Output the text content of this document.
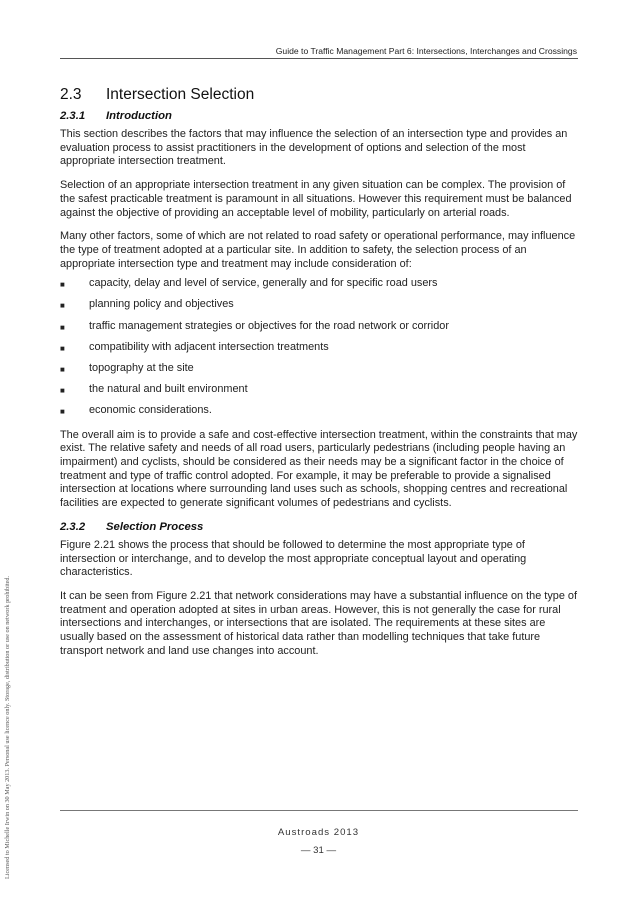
Guide to Traffic Management Part 6: Intersections, Interchanges and Crossings
2.3	Intersection Selection
2.3.1	Introduction

This section describes the factors that may influence the selection of an intersection type and provides an evaluation process to assist practitioners in the development of options and selection of the most appropriate intersection treatment.

Selection of an appropriate intersection treatment in any given situation can be complex. The provision of the safest practicable treatment is paramount in all situations. However this requirement must be balanced against the objective of providing an acceptable level of mobility, particularly on arterial roads.

Many other factors, some of which are not related to road safety or operational performance, may influence the type of treatment adopted at a particular site. In addition to safety, the selection process of an appropriate intersection type and treatment may include consideration of:

■	capacity, delay and level of service, generally and for specific road users
■	planning policy and objectives
■	traffic management strategies or objectives for the road network or corridor
■	compatibility with adjacent intersection treatments
■	topography at the site
■	the natural and built environment
■	economic considerations.

The overall aim is to provide a safe and cost-effective intersection treatment, within the constraints that may exist. The relative safety and needs of all road users, particularly pedestrians (including people having an impairment) and cyclists, should be considered as their needs may be a significant factor in the choice of treatment and type of traffic control adopted. For example, it may be preferable to provide a signalised intersection at locations where surrounding land uses such as schools, shopping centres and recreational facilities are expected to generate significant volumes of pedestrians and cyclists.

2.3.2	Selection Process

Figure 2.21 shows the process that should be followed to determine the most appropriate type of intersection or interchange, and to develop the most appropriate conceptual layout and operating characteristics.

It can be seen from Figure 2.21 that network considerations may have a substantial influence on the type of treatment and operation adopted at sites in urban areas. However, this is not generally the case for rural intersections and interchanges, or intersections that are isolated. The requirements at these sites are usually based on the assessment of historical data rather than modelling techniques that take future transport network and land use changes into account.

Austroads 2013
— 31 —
Licensed to Michelle Irwin on 30 May 2013. Personal use licence only. Storage, distribution or use on network prohibited.
